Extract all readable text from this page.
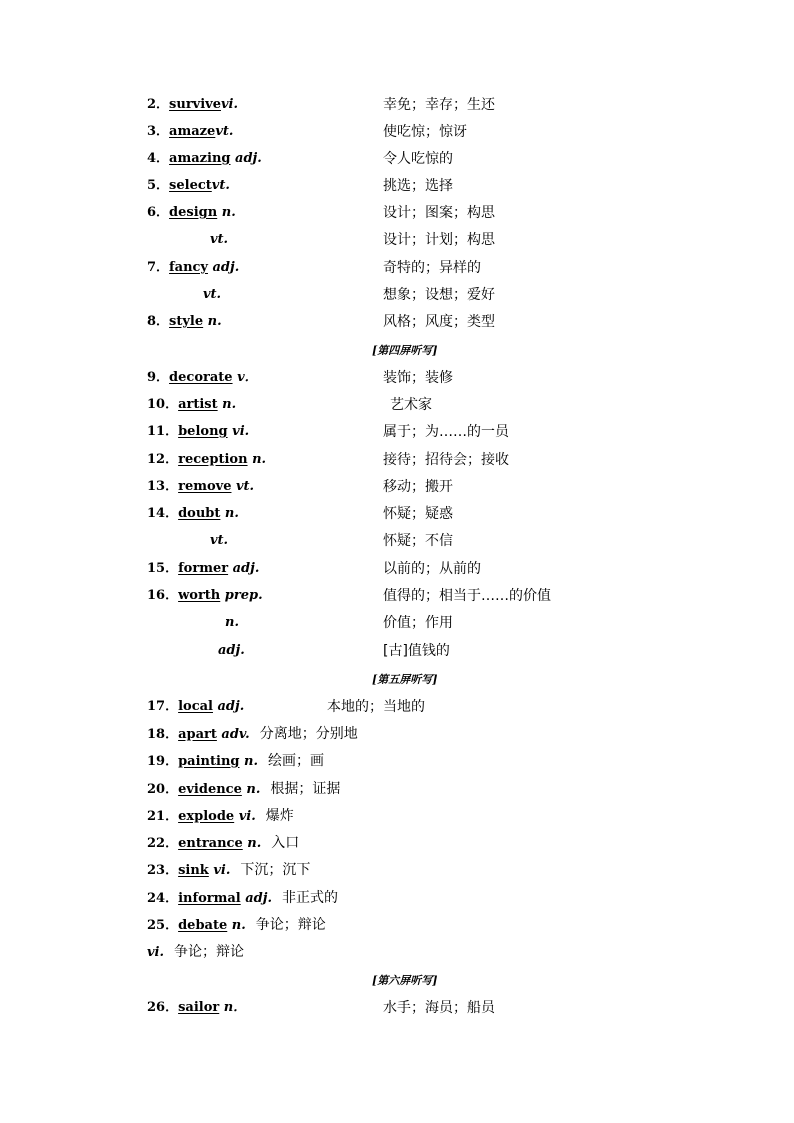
2．survivevi.	幸免；幸存；生还
3．amazevt.	使吃惊；惊讶
4．amazing adj.	令人吃惊的
5．selectvt.	挑选；选择
6．design n.	设计；图案；构思
vt.	设计；计划；构思
7．fancy adj.	奇特的；异样的
vt.	想象；设想；爱好
8．style n.	风格；风度；类型
[第四屏听写]
9．decorate v．	装饰；装修
10．artist n.	艺术家
11．belong vi.	属于；为……的一员
12．reception n.	接待；招待会；接收
13．remove vt.	移动；搬开
14．doubt n.	怀疑；疑惑
vt.	怀疑；不信
15．former adj.	以前的；从前的
16．worth prep.	值得的；相当于……的价值
n.	价值；作用
adj.	[古]值钱的
[第五屏听写]
17．local adj.	本地的；当地的
18．apart adv. 分离地；分别地
19．painting n. 绘画；画
20．evidence n. 根据；证据
21．explode vi. 爆炸
22．entrance n. 入口
23．sink vi. 下沉；沉下
24．informal adj. 非正式的
25．debate n. 争论；辩论
vi. 争论；辩论
[第六屏听写]
26．sailor n．	水手；海员；船员
